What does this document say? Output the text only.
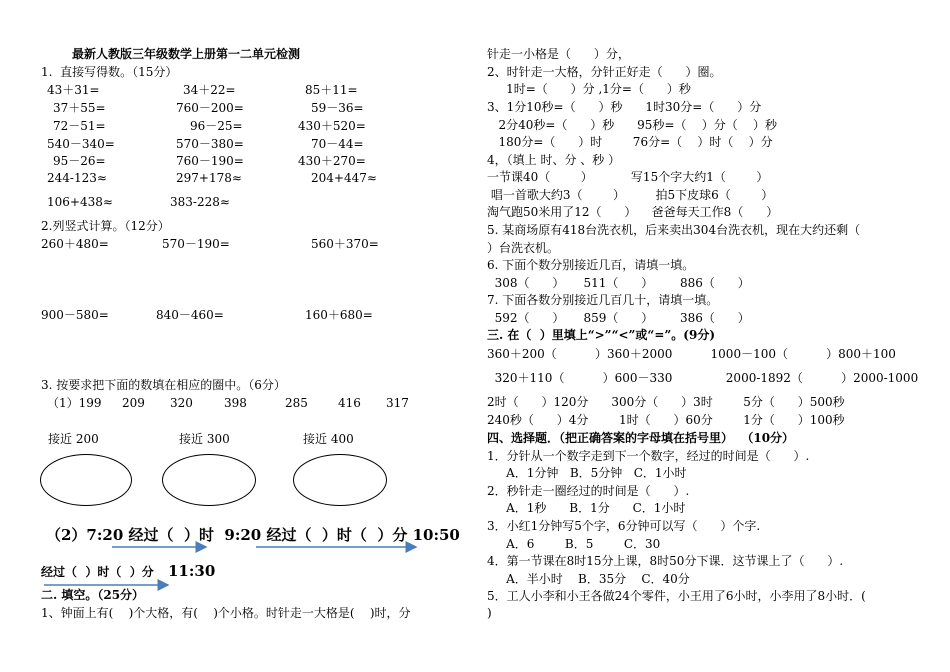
最新人教版三年级数学上册第一二单元检测
1.  直接写得数。（15分）
43＋31=	34＋22=	85＋11=
37＋55=	760－200=	59－36=
72－51=	96－25=	430＋520=
540－340=	570－380=	70－44=
95－26=	760－190=	430＋270=
244-123≈	297+178≈	204+447≈
106+438≈	383-228≈
2.列竖式计算。（12分）
260＋480=	570－190=	560＋370=
900－580=	840－460=	160＋680=
3. 按要求把下面的数填在相应的圈中。（6分）
（1）199 209 320	398	285	416 317
接近 200	接近 300	接近 400
（2）7:20 经过（  ）时  9:20 经过（  ）时（  ）分 10:50
经过（  ）时（  ）分 11:30
二. 填空。（25分）
1、钟面上有(    )个大格，有(    )个小格。时针走一大格是(    )时，分
针走一小格是（      ）分，
2、时针走一大格，分针正好走（      ）圈。
1时=（      ）分 ,1分=（      ）秒
3、1分10秒=（      ）秒      1时30分=（      ）分
2分40秒=（      ）秒      95秒=（    ）分（    ）秒
180分=（      ）时        76分=（    ）时（    ）分
4，（填上 时、分 、秒 ）
一节课40（        ）          写15个字大约1（        ）
唱一首歌大约3（        ）        拍5下皮球6（        ）
淘气跑50米用了12（      ）    爸爸每天工作8（      ）
5. 某商场原有418台洗衣机，后来卖出304台洗衣机，现在大约还剩（
）台洗衣机。
6. 下面个数分别接近几百，请填一填。
308（      ）     511（      ）       886（      ）
7. 下面各数分别接近几百几十，请填一填。
592（      ）     859（      ）       386（      ）
三. 在（  ）里填上“>”“<”或“=”。(9分)
360＋200（          ）360＋2000          1000－100（          ）800＋100
320＋110（          ）600－330              2000-1892（          ）2000-1000
2时（      ）120分      300分（      ）3时        5分（      ）500秒
240秒（      ）4分        1时（      ）60分        1分（      ）100秒
四、选择题．（把正确答案的字母填在括号里）  （10分）
1．分针从一个数字走到下一个数字，经过的时间是（      ）.
A．1分钟   B．5分钟   C．1小时
2．秒针走一圈经过的时间是（      ）.
A．1秒      B．1分      C．1小时
3．小红1分钟写5个字，6分钟可以写（      ）个字.
A．6        B．5        C．30
4．第一节课在8时15分上课，8时50分下课．这节课上了（      ）.
A．半小时    B．35分    C．40分
5．工人小李和小王各做24个零件，小王用了6小时，小李用了8小时．(
)
